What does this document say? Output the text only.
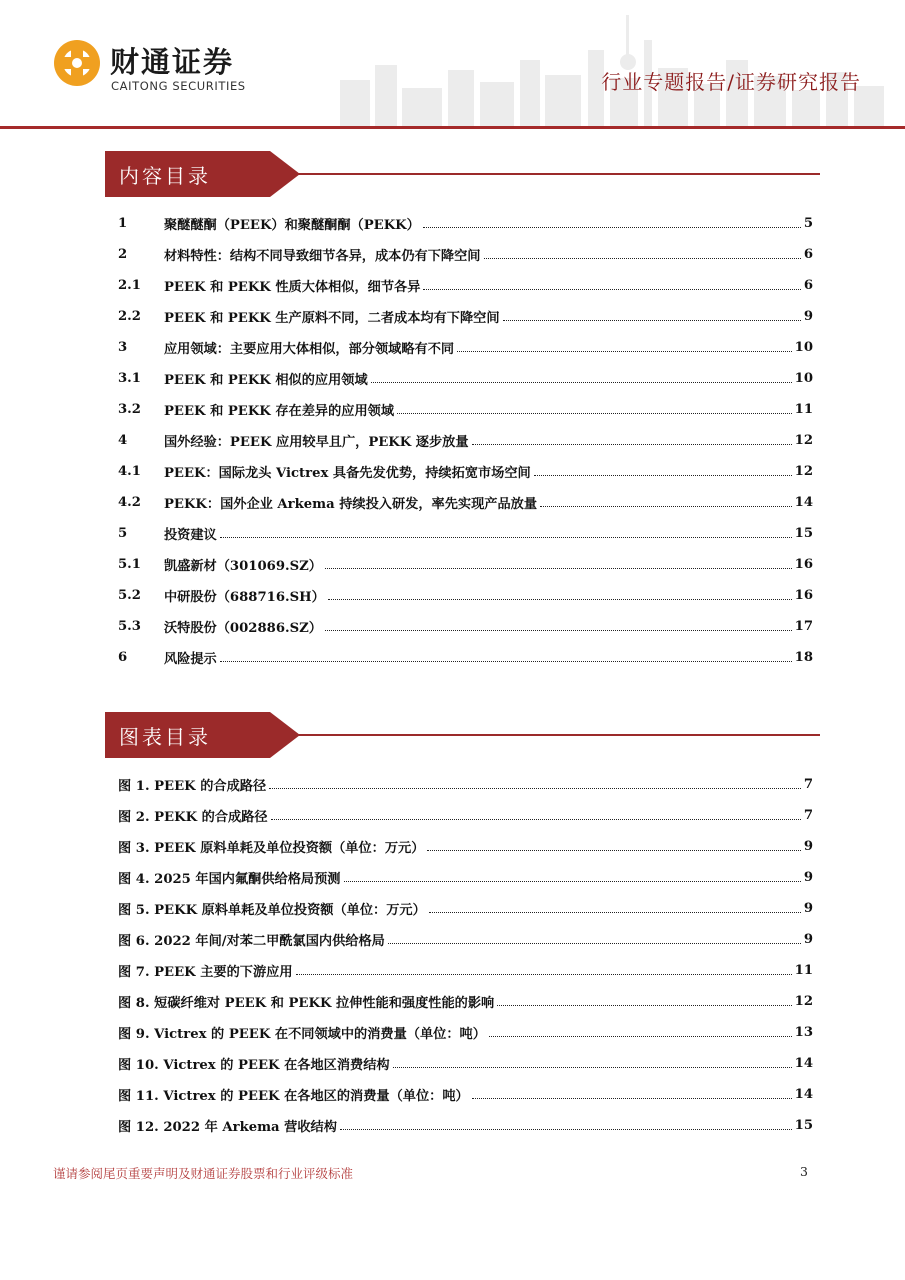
财通证券
CAITONG SECURITIES	行业专题报告/证券研究报告
内容目录
1	聚醚醚酮（PEEK）和聚醚酮酮（PEKK）	5
2	材料特性：结构不同导致细节各异，成本仍有下降空间	6
2.1	PEEK 和 PEKK 性质大体相似，细节各异	6
2.2	PEEK 和 PEKK 生产原料不同，二者成本均有下降空间	9
3	应用领域：主要应用大体相似，部分领域略有不同	10
3.1	PEEK 和 PEKK 相似的应用领域	10
3.2	PEEK 和 PEKK 存在差异的应用领域	11
4	国外经验：PEEK 应用较早且广，PEKK 逐步放量	12
4.1	PEEK：国际龙头 Victrex 具备先发优势，持续拓宽市场空间	12
4.2	PEKK：国外企业 Arkema 持续投入研发，率先实现产品放量	14
5	投资建议	15
5.1	凯盛新材（301069.SZ）	16
5.2	中研股份（688716.SH）	16
5.3	沃特股份（002886.SZ）	17
6	风险提示	18
图表目录
图 1. PEEK 的合成路径	7
图 2. PEKK 的合成路径	7
图 3. PEEK 原料单耗及单位投资额（单位：万元）	9
图 4. 2025 年国内氟酮供给格局预测	9
图 5. PEKK 原料单耗及单位投资额（单位：万元）	9
图 6. 2022 年间/对苯二甲酰氯国内供给格局	9
图 7. PEEK 主要的下游应用	11
图 8. 短碳纤维对 PEEK 和 PEKK 拉伸性能和强度性能的影响	12
图 9. Victrex 的 PEEK 在不同领域中的消费量（单位：吨）	13
图 10. Victrex 的 PEEK 在各地区消费结构	14
图 11. Victrex 的 PEEK 在各地区的消费量（单位：吨）	14
图 12. 2022 年 Arkema 营收结构	15
谨请参阅尾页重要声明及财通证券股票和行业评级标准	3
